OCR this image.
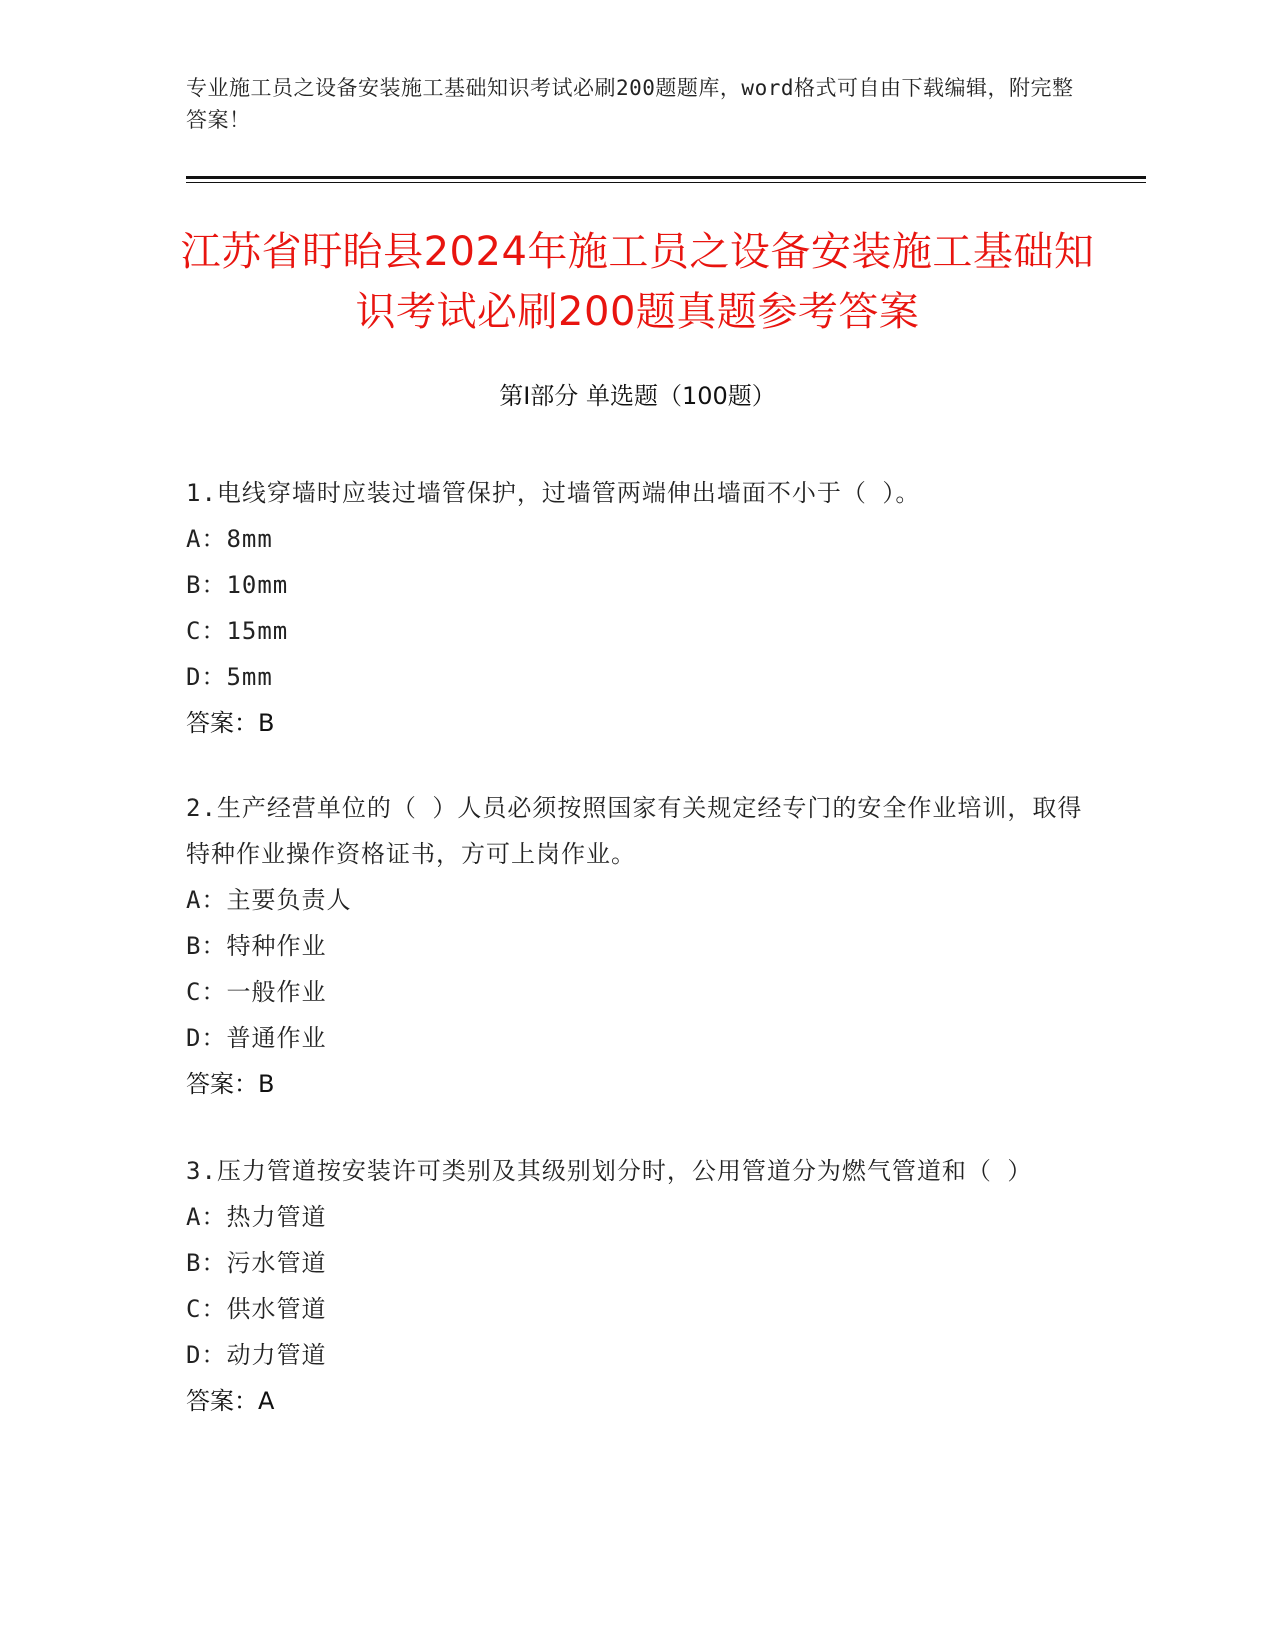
专业施工员之设备安装施工基础知识考试必刷200题题库，word格式可自由下载编辑，附完整答案！
江苏省盱眙县2024年施工员之设备安装施工基础知识考试必刷200题真题参考答案
第I部分 单选题（100题）
1.电线穿墙时应装过墙管保护，过墙管两端伸出墙面不小于（ ）。
A：8mm
B：10mm
C：15mm
D：5mm
答案：B
2.生产经营单位的（ ）人员必须按照国家有关规定经专门的安全作业培训，取得特种作业操作资格证书，方可上岗作业。
A：主要负责人
B：特种作业
C：一般作业
D：普通作业
答案：B
3.压力管道按安装许可类别及其级别划分时，公用管道分为燃气管道和（ ）
A：热力管道
B：污水管道
C：供水管道
D：动力管道
答案：A
